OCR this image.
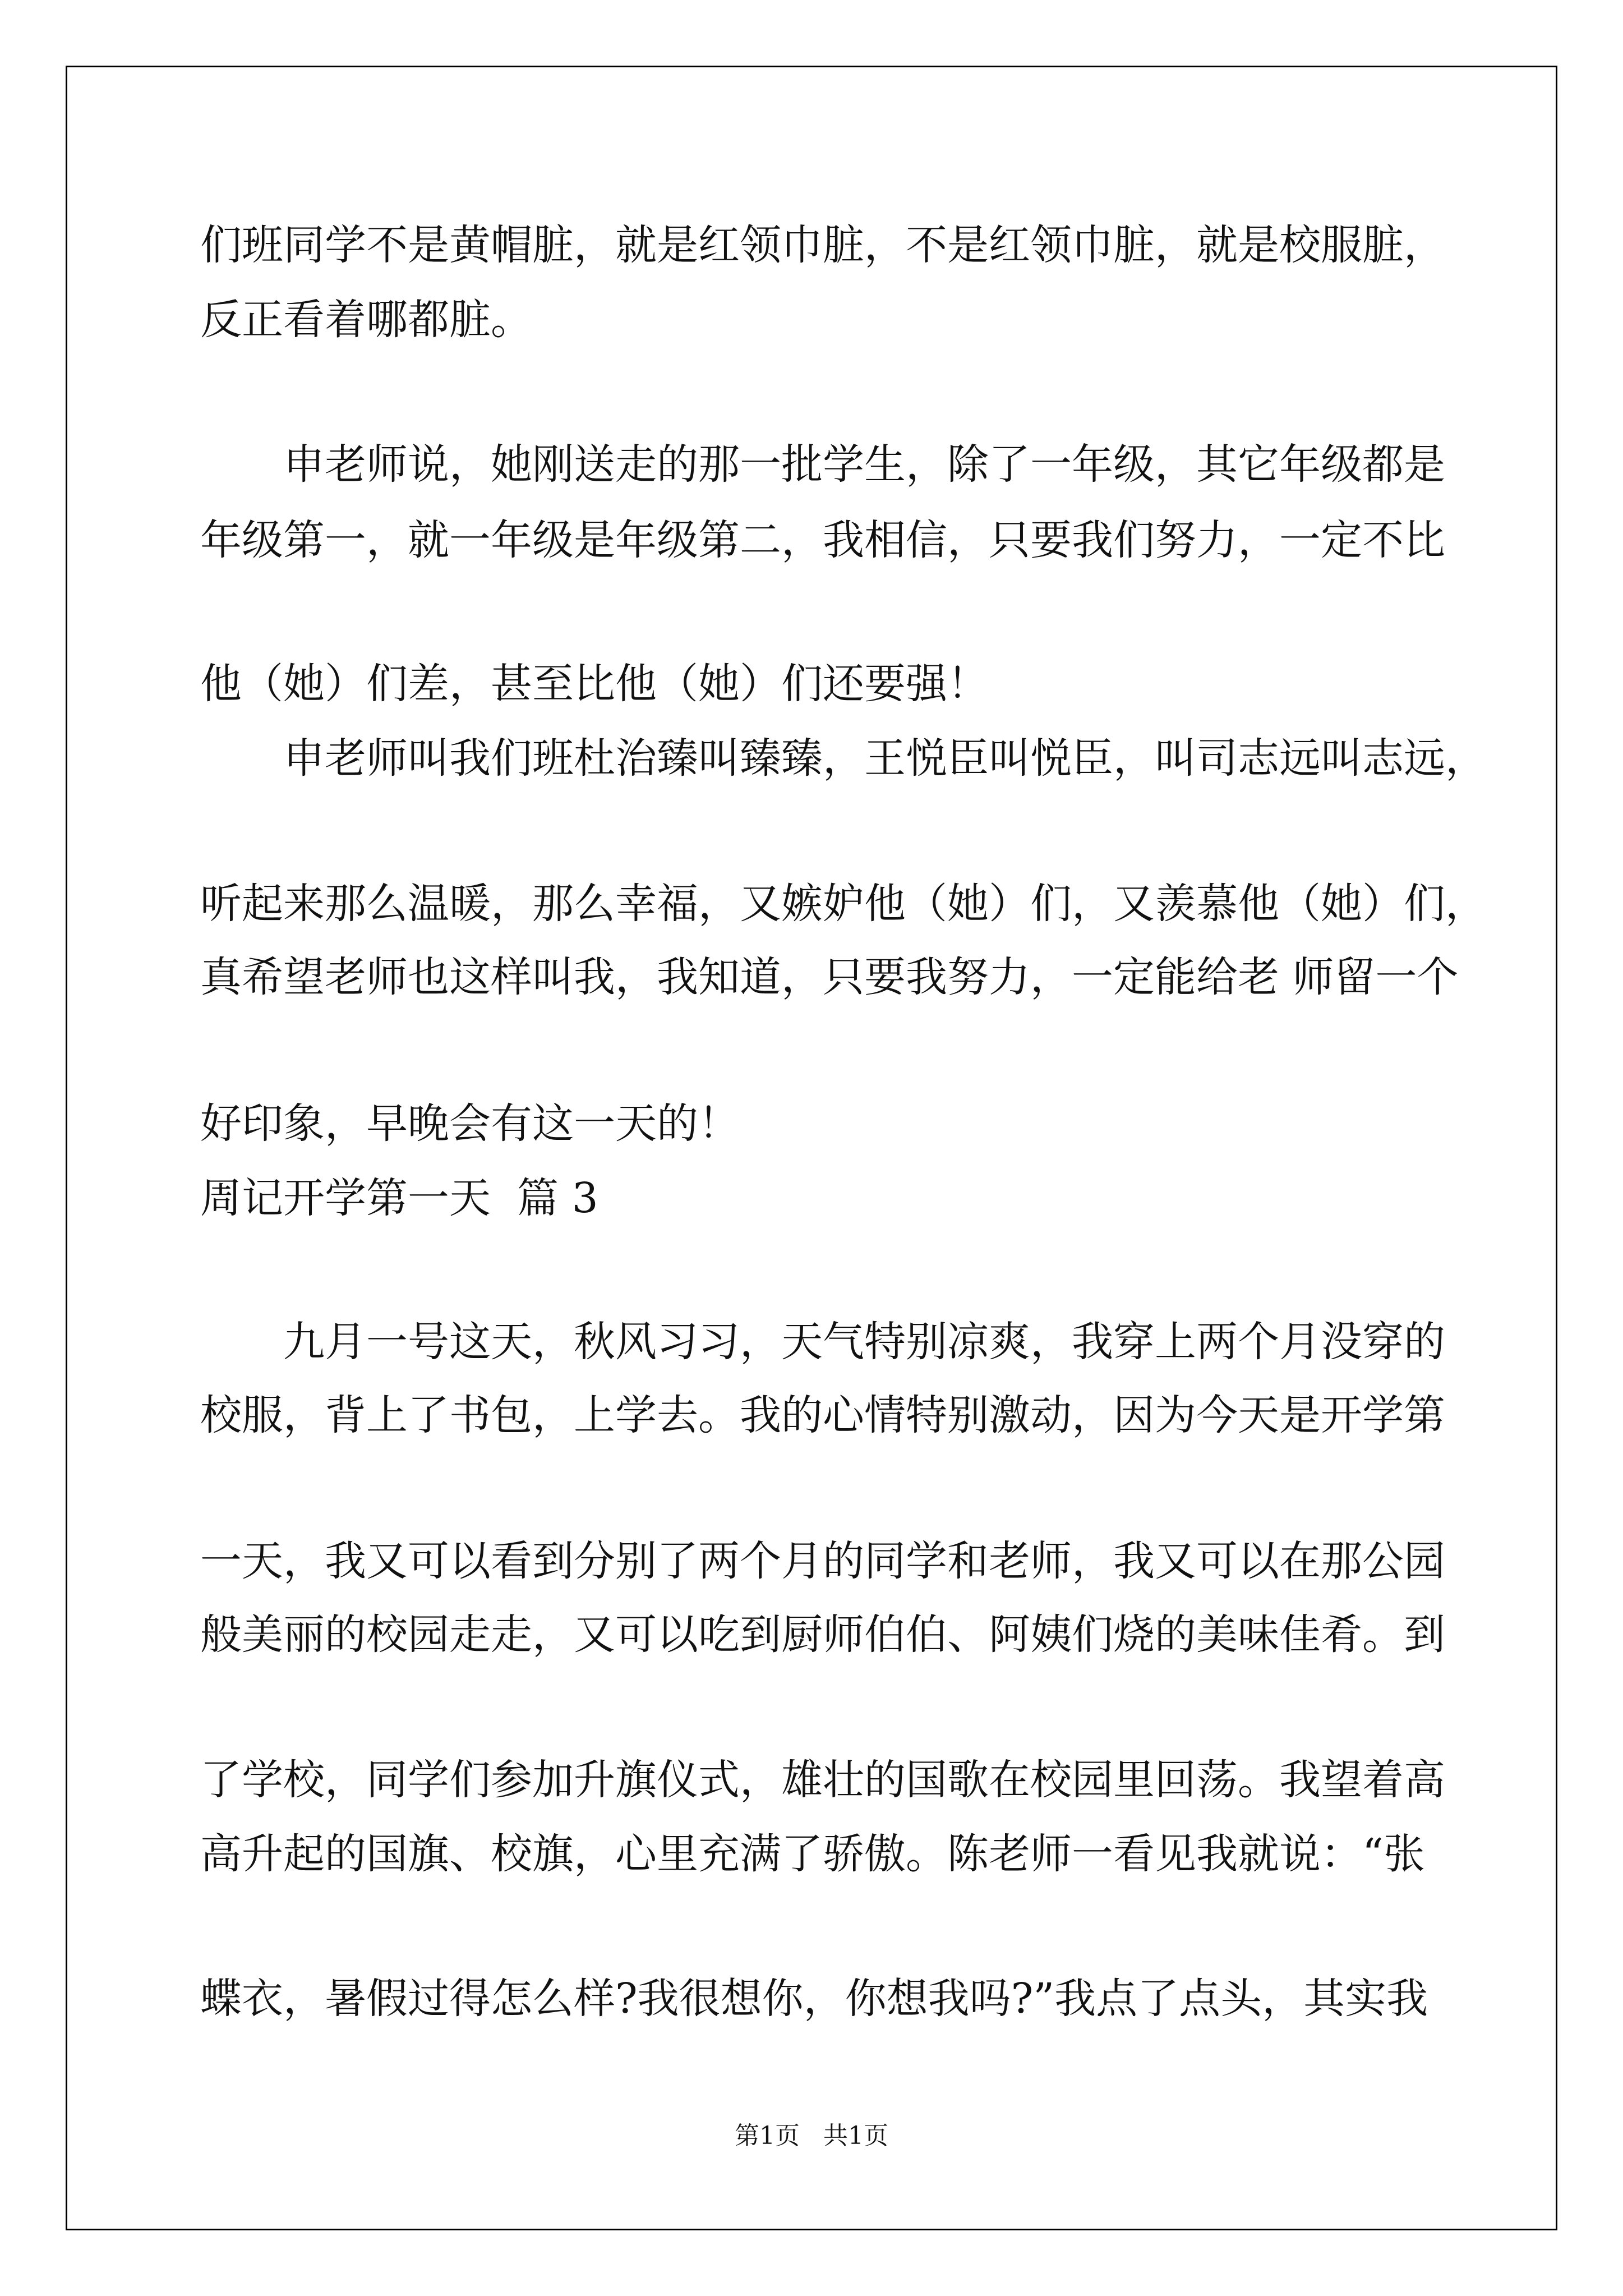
们班同学不是黄帽脏，就是红领巾脏，不是红领巾脏，就是校服脏，

反正看着哪都脏。

申老师说，她刚送走的那一批学生，除了一年级，其它年级都是

年级第一，就一年级是年级第二，我相信，只要我们努力，一定不比

他（她）们差，甚至比他（她）们还要强！

申老师叫我们班杜治臻叫臻臻，王悦臣叫悦臣，叫司志远叫志远，

听起来那么温暖，那么幸福，又嫉妒他（她）们，又羡慕他（她）们，

真希望老师也这样叫我，我知道，只要我努力，一定能给老 师留一个

好印象，早晚会有这一天的！

周记开学第一天  篇 3

九月一号这天，秋风习习，天气特别凉爽，我穿上两个月没穿的

校服，背上了书包，上学去。我的心情特别激动，因为今天是开学第

一天，我又可以看到分别了两个月的同学和老师，我又可以在那公园

般美丽的校园走走，又可以吃到厨师伯伯、阿姨们烧的美味佳肴。到

了学校，同学们参加升旗仪式，雄壮的国歌在校园里回荡。我望着高

高升起的国旗、校旗，心里充满了骄傲。陈老师一看见我就说：“张

蝶衣，暑假过得怎么样?我很想你，你想我吗?”我点了点头，其实我

第1页   共1页
